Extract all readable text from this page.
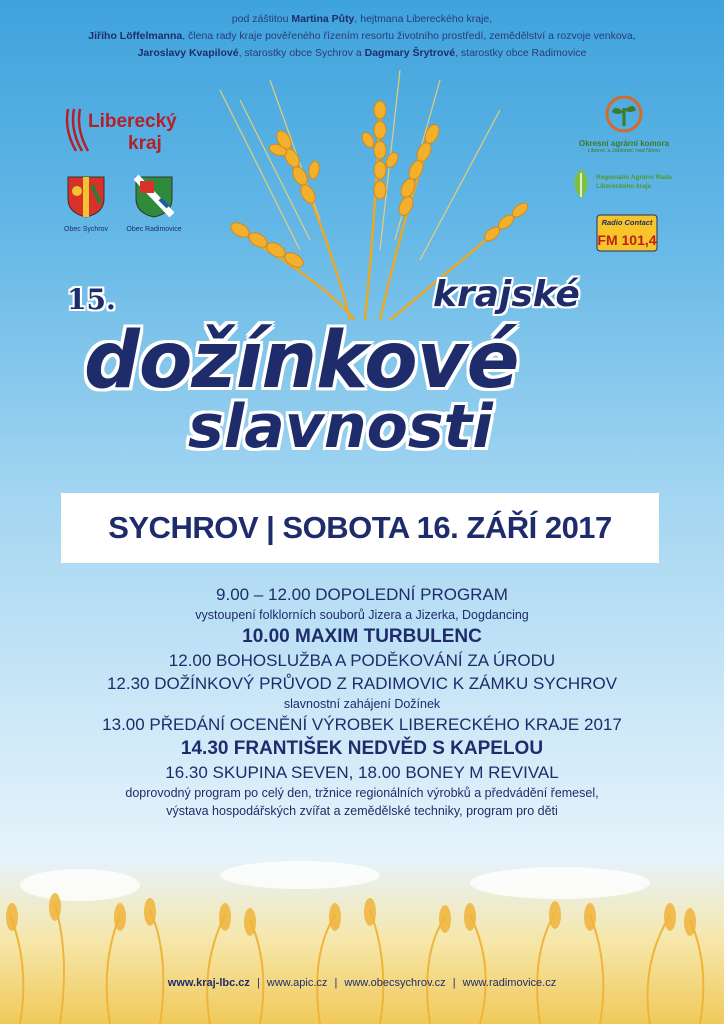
pod záštitou Martina Půty, hejtmana Libereckého kraje,
Jiřího Löffelmanna, člena rady kraje pověřeného řízením resortu životního prostředí, zemědělství a rozvoje venkova,
Jaroslavy Kvapilové, starostky obce Sychrov a Dagmary Šrytrové, starostky obce Radimovice
Liberecký
kraj
Obec Sychrov	Obec Radimovice
Okresní agrární komora
Liberec a Jablonec nad Nisou
Regionální Agrární Rada
Libereckého kraje
Radio Contact
FM 101,4
15.	krajské
dožínkové
slavnosti
SYCHROV | SOBOTA 16. ZÁŘÍ 2017
9.00 – 12.00 DOPOLEDNÍ PROGRAM
vystoupení folklorních souborů Jizera a Jizerka, Dogdancing
10.00 MAXIM TURBULENC
12.00 BOHOSLUŽBA A PODĚKOVÁNÍ ZA ÚRODU
12.30 DOŽÍNKOVÝ PRŮVOD Z RADIMOVIC K ZÁMKU SYCHROV
slavnostní zahájení Dožínek
13.00 PŘEDÁNÍ OCENĚNÍ VÝROBEK LIBERECKÉHO KRAJE 2017
14.30 FRANTIŠEK NEDVĚD S KAPELOU
16.30 SKUPINA SEVEN, 18.00 BONEY M REVIVAL
doprovodný program po celý den, tržnice regionálních výrobků a předvádění řemesel,
výstava hospodářských zvířat a zemědělské techniky, program pro děti
www.kraj-lbc.cz | www.apic.cz | www.obecsychrov.cz | www.radimovice.cz
